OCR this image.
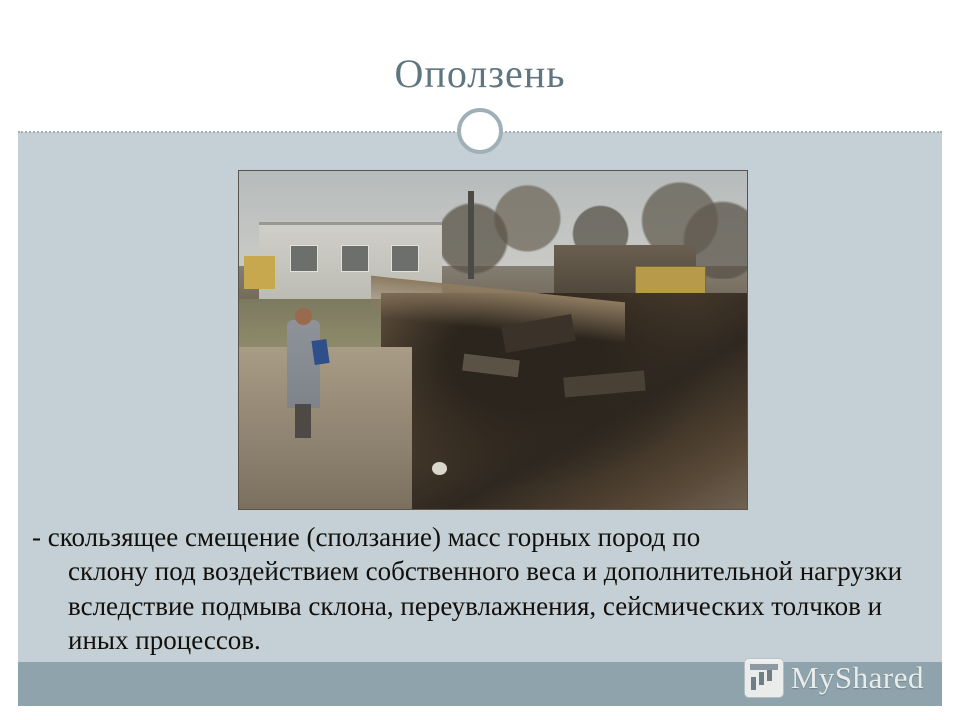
Оползень
- скользящее смещение (сползание) масс горных пород по
склону под воздействием собственного веса и дополнительной нагрузки вследствие подмыва склона, переувлажнения, сейсмических толчков и иных процессов.
MyShared
